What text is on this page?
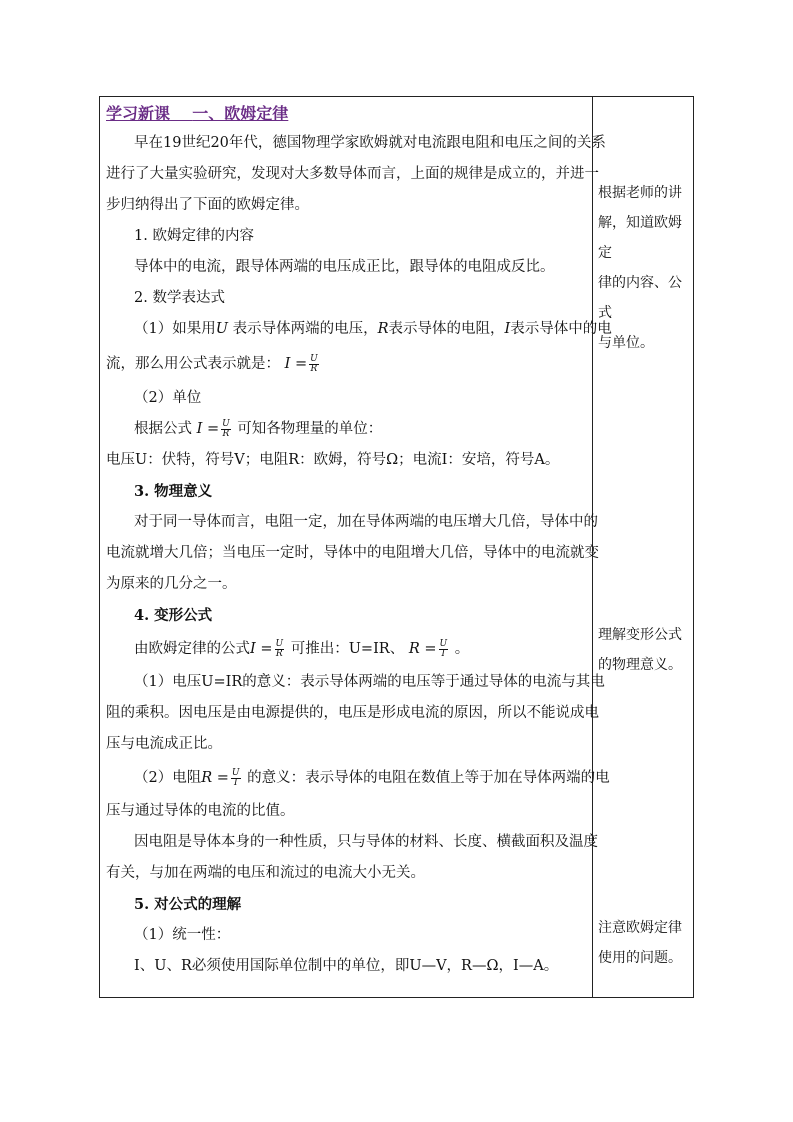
学习新课 一、欧姆定律
早在19世纪20年代，德国物理学家欧姆就对电流跟电阻和电压之间的关系
进行了大量实验研究，发现对大多数导体而言，上面的规律是成立的，并进一
步归纳得出了下面的欧姆定律。
1. 欧姆定律的内容
导体中的电流，跟导体两端的电压成正比，跟导体的电阻成反比。
2. 数学表达式
（1）如果用U 表示导体两端的电压，R表示导体的电阻，I表示导体中的电
流，那么用公式表示就是： $I = \frac{U}{R}$
（2）单位
根据公式 $I = \frac{U}{R}$ 可知各物理量的单位：
电压U：伏特，符号V；电阻R：欧姆，符号Ω；电流I：安培，符号A。
3. 物理意义
对于同一导体而言，电阻一定，加在导体两端的电压增大几倍，导体中的
电流就增大几倍；当电压一定时，导体中的电阻增大几倍，导体中的电流就变
为原来的几分之一。
4. 变形公式
由欧姆定律的公式$I = \frac{U}{R}$ 可推出：U=IR、 $R = \frac{U}{I}$ 。
（1）电压U=IR的意义：表示导体两端的电压等于通过导体的电流与其电
阻的乘积。因电压是由电源提供的，电压是形成电流的原因，所以不能说成电
压与电流成正比。
（2）电阻$R = \frac{U}{I}$ 的意义：表示导体的电阻在数值上等于加在导体两端的电
压与通过导体的电流的比值。
因电阻是导体本身的一种性质，只与导体的材料、长度、横截面积及温度
有关，与加在两端的电压和流过的电流大小无关。
5. 对公式的理解
（1）统一性：
I、U、R必须使用国际单位制中的单位，即U—V，R—Ω，I—A。
根据老师的讲
解，知道欧姆定
律的内容、公式
与单位。
理解变形公式
的物理意义。
注意欧姆定律
使用的问题。
